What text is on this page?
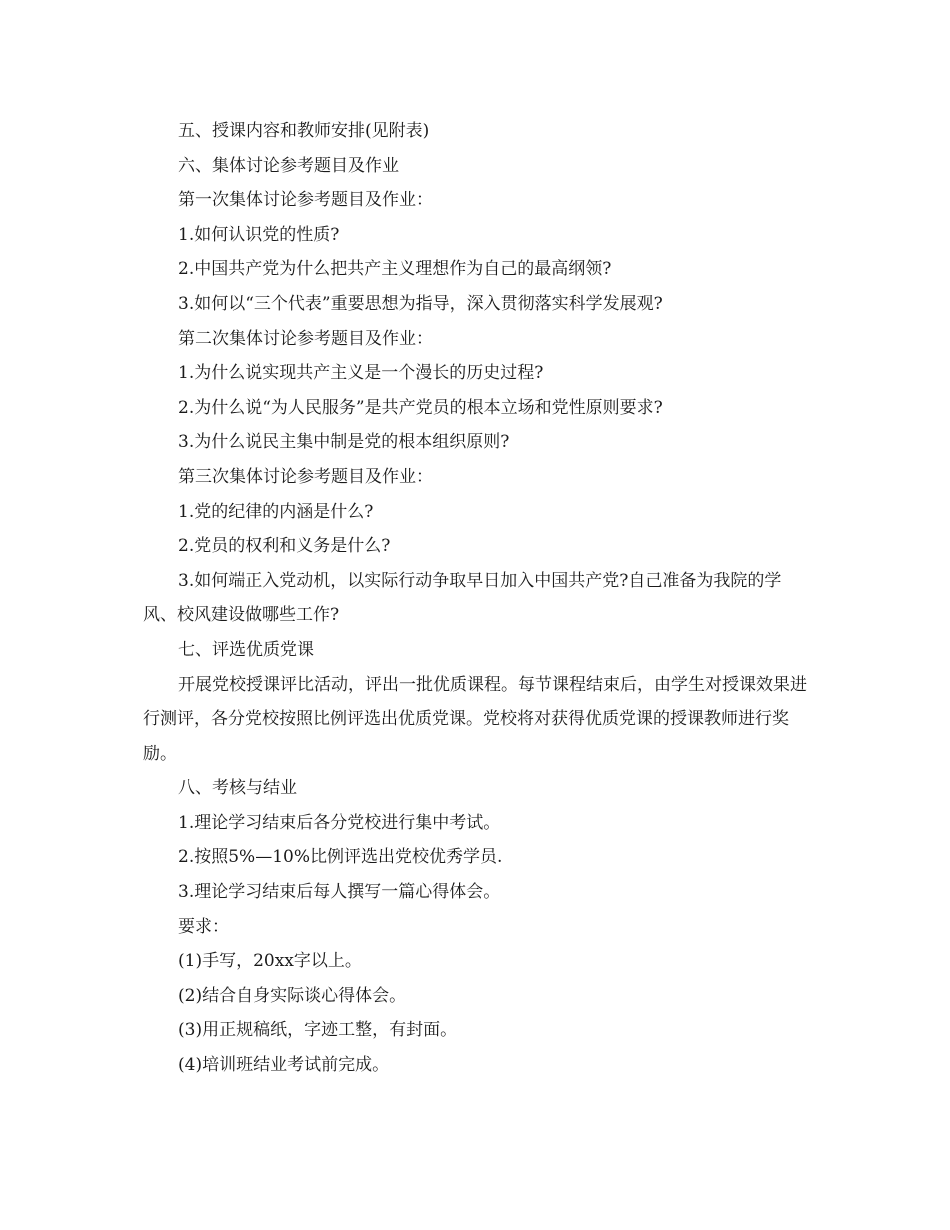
五、授课内容和教师安排(见附表)
六、集体讨论参考题目及作业
第一次集体讨论参考题目及作业：
1.如何认识党的性质?
2.中国共产党为什么把共产主义理想作为自己的最高纲领?
3.如何以“三个代表”重要思想为指导，深入贯彻落实科学发展观?
第二次集体讨论参考题目及作业：
1.为什么说实现共产主义是一个漫长的历史过程?
2.为什么说“为人民服务”是共产党员的根本立场和党性原则要求?
3.为什么说民主集中制是党的根本组织原则?
第三次集体讨论参考题目及作业：
1.党的纪律的内涵是什么?
2.党员的权利和义务是什么?

3.如何端正入党动机，以实际行动争取早日加入中国共产党?自己准备为我院的学风、校风建设做哪些工作?

七、评选优质党课

开展党校授课评比活动，评出一批优质课程。每节课程结束后，由学生对授课效果进行测评，各分党校按照比例评选出优质党课。党校将对获得优质党课的授课教师进行奖励。

八、考核与结业
1.理论学习结束后各分党校进行集中考试。
2.按照5%—10%比例评选出党校优秀学员.
3.理论学习结束后每人撰写一篇心得体会。
要求：
(1)手写，20xx字以上。
(2)结合自身实际谈心得体会。
(3)用正规稿纸，字迹工整，有封面。
(4)培训班结业考试前完成。
